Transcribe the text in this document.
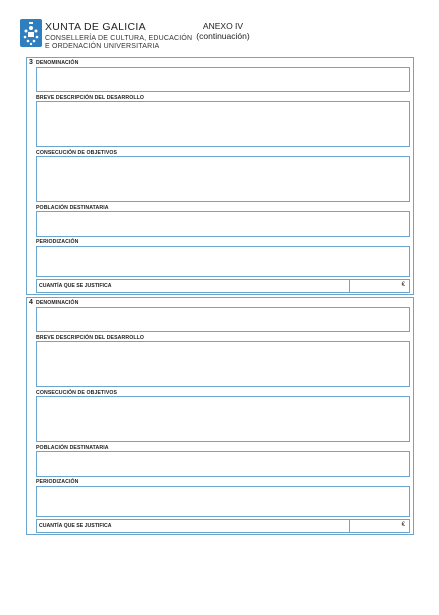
XUNTA DE GALICIA
CONSELLERÍA DE CULTURA, EDUCACIÓN
E ORDENACIÓN UNIVERSITARIA
ANEXO IV
(continuación)
3 DENOMINACIÓN
BREVE DESCRIPCIÓN DEL DESARROLLO
CONSECUCIÓN DE OBJETIVOS
POBLACIÓN DESTINATARIA
PERIODIZACIÓN
CUANTÍA QUE SE JUSTIFICA	€
4 DENOMINACIÓN
BREVE DESCRIPCIÓN DEL DESARROLLO
CONSECUCIÓN DE OBJETIVOS
POBLACIÓN DESTINATARIA
PERIODIZACIÓN
CUANTÍA QUE SE JUSTIFICA	€
